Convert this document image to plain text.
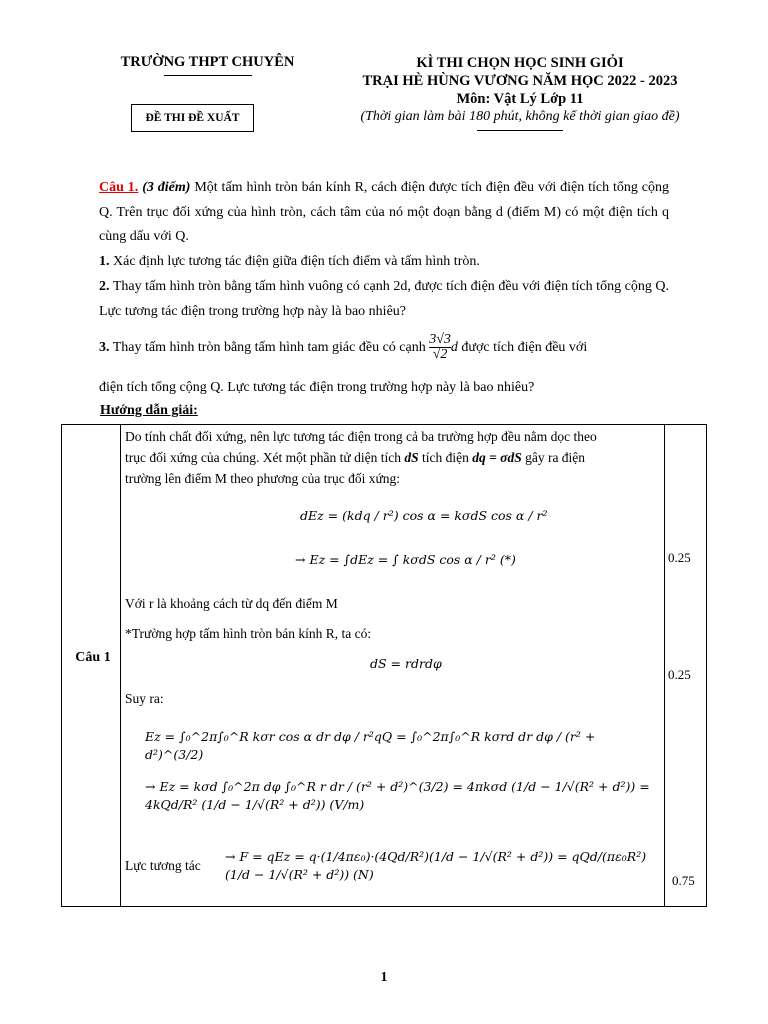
TRƯỜNG THPT CHUYÊN
ĐỀ THI ĐỀ XUẤT
KÌ THI CHỌN HỌC SINH GIỎI
TRẠI HÈ HÙNG VƯƠNG NĂM HỌC 2022 - 2023
Môn: Vật Lý Lớp 11
(Thời gian làm bài 180 phút, không kể thời gian giao đề)
Câu 1. (3 điểm) Một tấm hình tròn bán kính R, cách điện được tích điện đều với điện tích tổng cộng Q. Trên trục đối xứng của hình tròn, cách tâm của nó một đoạn bằng d (điểm M) có một điện tích q cùng dấu với Q.
1. Xác định lực tương tác điện giữa điện tích điểm và tấm hình tròn.
2. Thay tấm hình tròn bằng tấm hình vuông có cạnh 2d, được tích điện đều với điện tích tổng cộng Q. Lực tương tác điện trong trường hợp này là bao nhiêu?
3. Thay tấm hình tròn bằng tấm hình tam giác đều có cạnh $\frac{3√3}{√2}$ d được tích điện đều với
điện tích tổng cộng Q. Lực tương tác điện trong trường hợp này là bao nhiêu?
Hướng dẫn giải:
Câu 1
Do tính chất đối xứng, nên lực tương tác điện trong cả ba trường hợp đều nằm dọc theo
trục đối xứng của chúng. Xét một phần tử diện tích dS tích điện dq = σdS gây ra điện
trường lên điểm M theo phương của trục đối xứng:
dEz = (kdq / r²) cos α = kσdS cos α / r²
→ Ez = ∫dEz = ∫ kσdS cos α / r² (*)
Với r là khoảng cách từ dq đến điểm M
*Trường hợp tấm hình tròn bán kính R, ta có:
dS = rdrdφ
Suy ra:
Ez = ∫₀^2π∫₀^R kσr cos α dr dφ / r²qQ = ∫₀^2π∫₀^R kσrd dr dφ / (r² + d²)^(3/2)
→ Ez = kσd ∫₀^2π dφ ∫₀^R r dr / (r² + d²)^(3/2) = 4πkσd (1/d − 1/√(R² + d²)) = 4kQd/R² (1/d − 1/√(R² + d²)) (V/m)
Lực tương tác
→ F = qEz = q·(1/4πε₀)·(4Qd/R²)(1/d − 1/√(R² + d²)) = qQd/(πε₀R²)(1/d − 1/√(R² + d²)) (N)
0.25
0.25
0.75
1
